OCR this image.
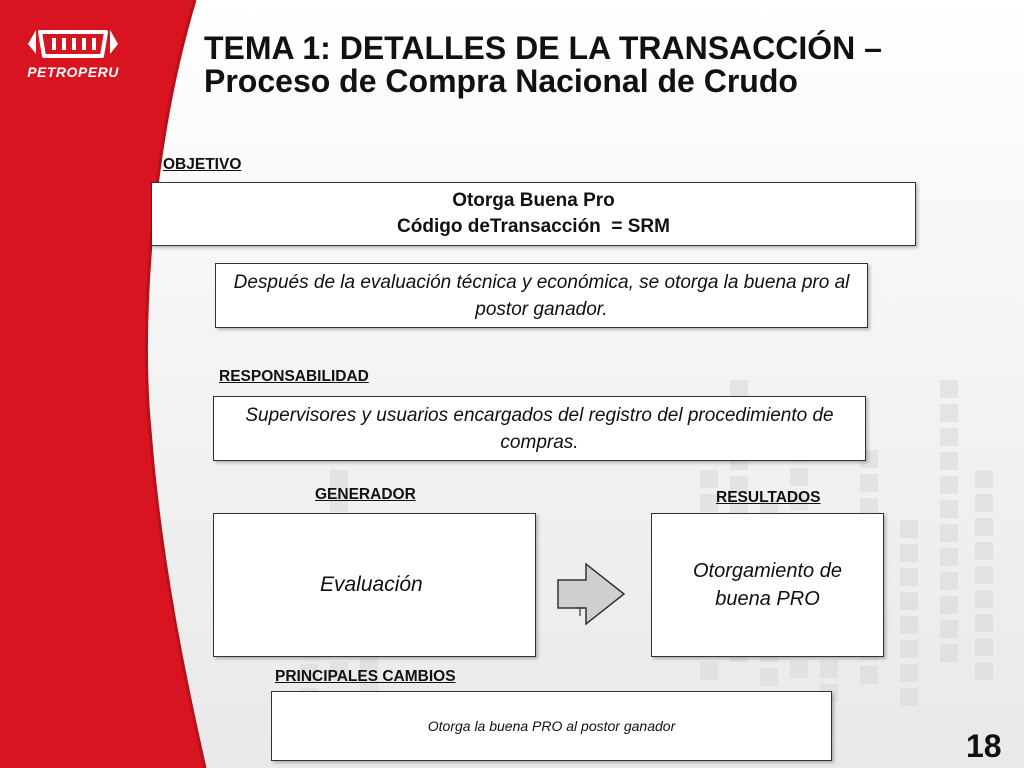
PETROPERU
TEMA 1: DETALLES DE LA TRANSACCIÓN – Proceso de Compra Nacional de Crudo
OBJETIVO
Otorga Buena Pro
Código deTransacción  = SRM
Después de la evaluación técnica y económica, se otorga la buena pro al postor ganador.
RESPONSABILIDAD
Supervisores y usuarios encargados del registro del procedimiento de compras.
GENERADOR	RESULTADOS
Evaluación
Otorgamiento de buena PRO
PRINCIPALES CAMBIOS
Otorga la buena PRO al postor ganador
18
